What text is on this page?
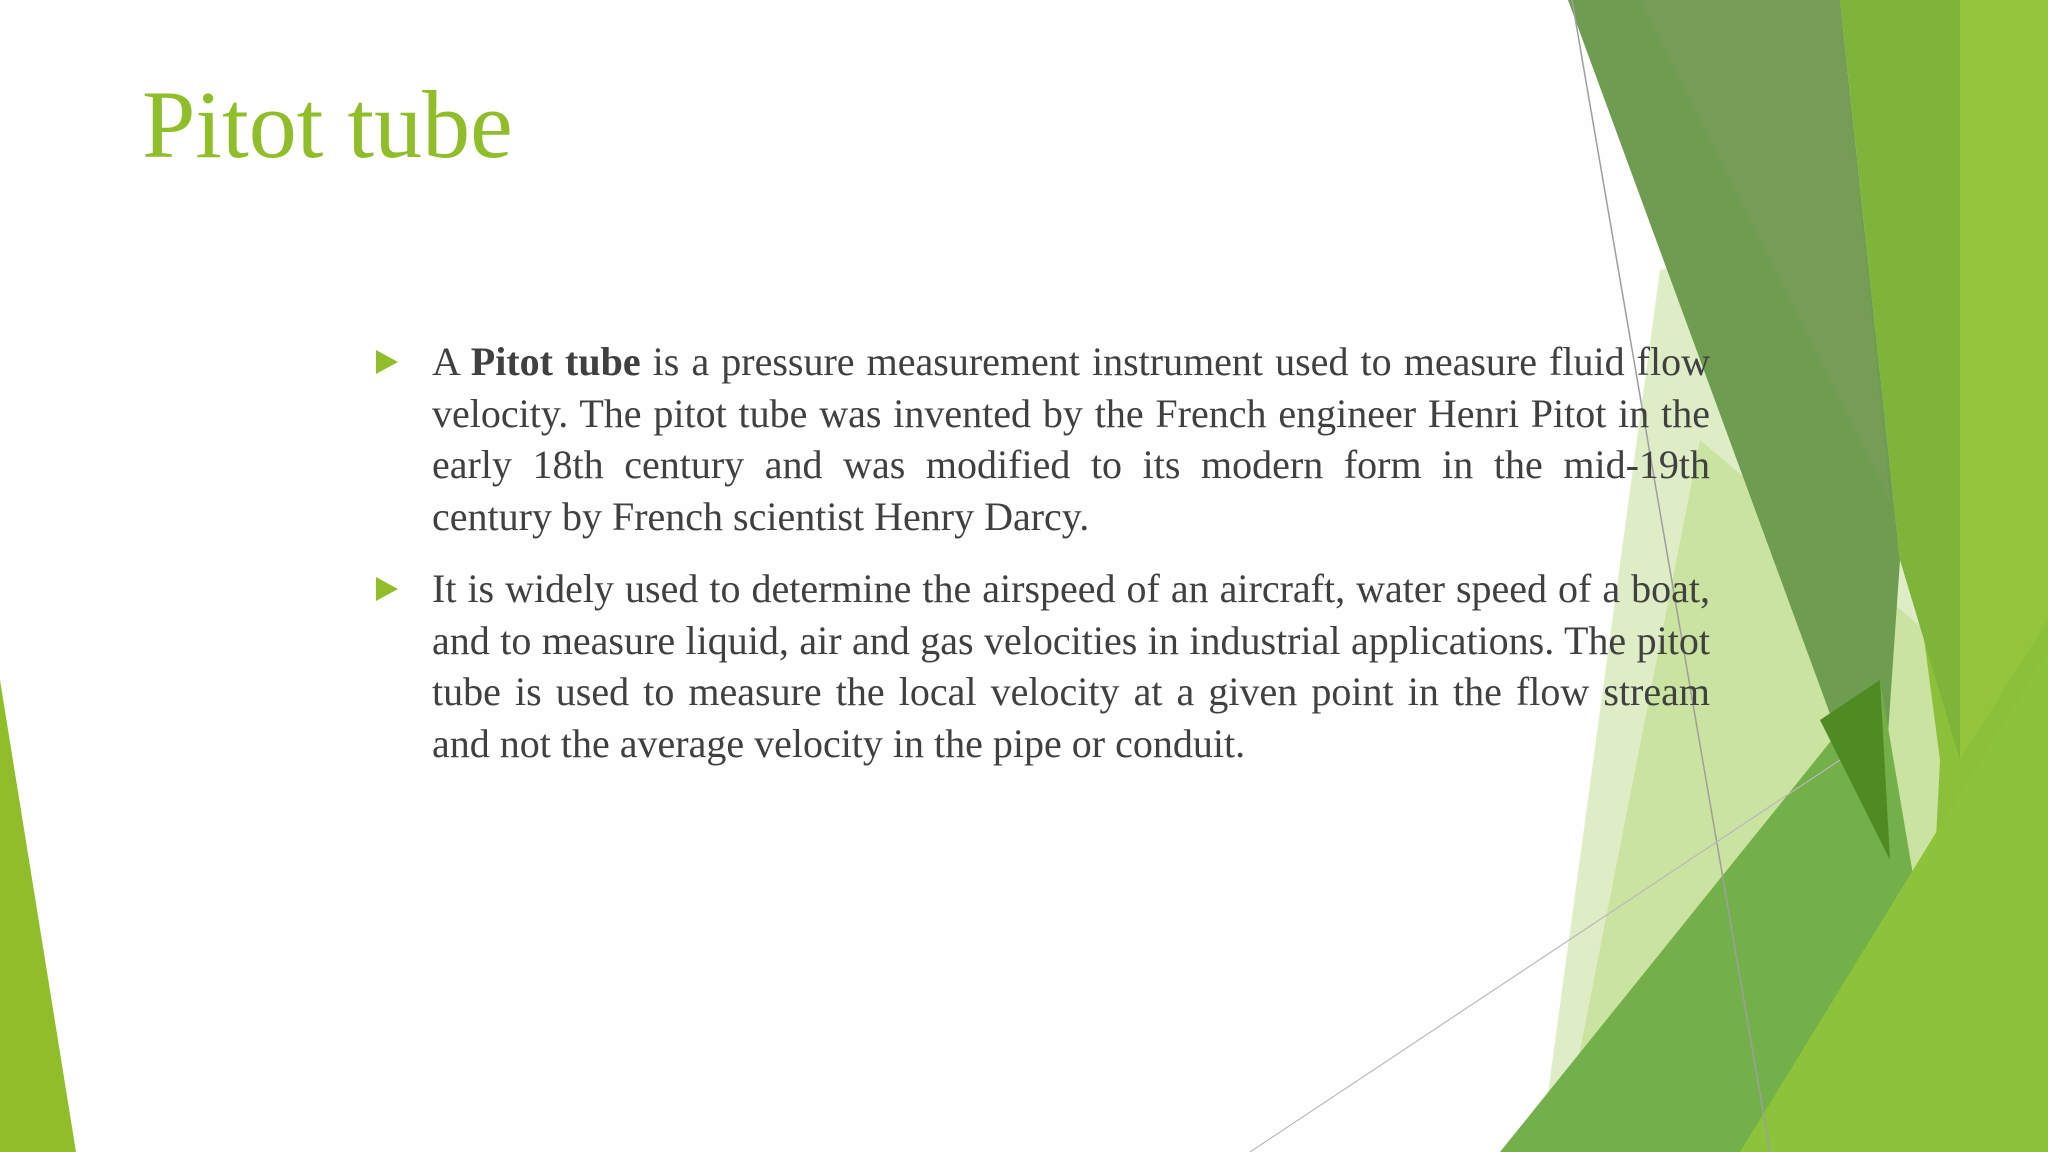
Pitot tube

A Pitot tube is a pressure measurement instrument used to measure fluid flow velocity. The pitot tube was invented by the French engineer Henri Pitot in the early 18th century and was modified to its modern form in the mid-19th century by French scientist Henry Darcy.

It is widely used to determine the airspeed of an aircraft, water speed of a boat, and to measure liquid, air and gas velocities in industrial applications. The pitot tube is used to measure the local velocity at a given point in the flow stream and not the average velocity in the pipe or conduit.
